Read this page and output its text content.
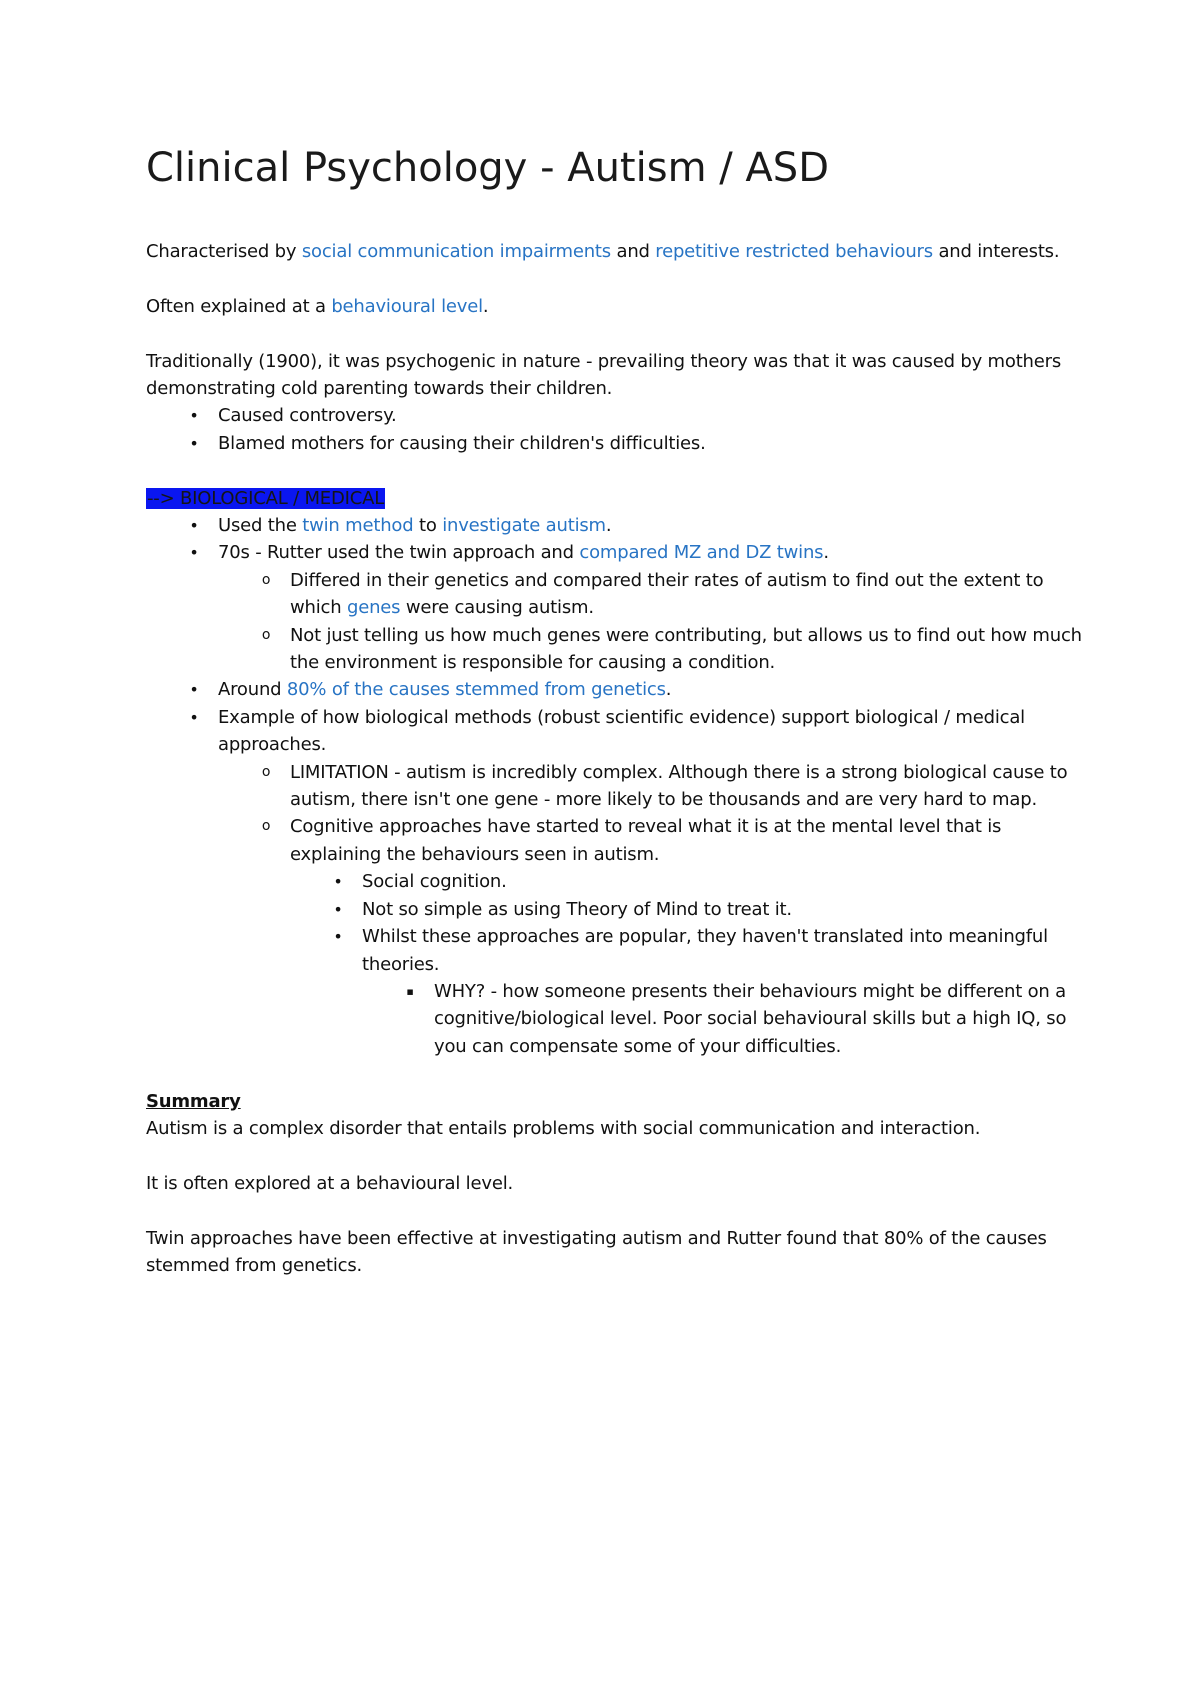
Clinical Psychology - Autism / ASD

Characterised by social communication impairments and repetitive restricted behaviours and interests.

Often explained at a behavioural level.

Traditionally (1900), it was psychogenic in nature - prevailing theory was that it was caused by mothers demonstrating cold parenting towards their children.

•	Caused controversy.
•	Blamed mothers for causing their children's difficulties.

--> BIOLOGICAL / MEDICAL

•	Used the twin method to investigate autism.
•	70s - Rutter used the twin approach and compared MZ and DZ twins.
o	Differed in their genetics and compared their rates of autism to find out the extent to which genes were causing autism.
o	Not just telling us how much genes were contributing, but allows us to find out how much the environment is responsible for causing a condition.
•	Around 80% of the causes stemmed from genetics.
•	Example of how biological methods (robust scientific evidence) support biological / medical approaches.
o	LIMITATION - autism is incredibly complex. Although there is a strong biological cause to autism, there isn't one gene - more likely to be thousands and are very hard to map.
o	Cognitive approaches have started to reveal what it is at the mental level that is explaining the behaviours seen in autism.
•	Social cognition.
•	Not so simple as using Theory of Mind to treat it.
•	Whilst these approaches are popular, they haven't translated into meaningful theories.
▪	WHY? - how someone presents their behaviours might be different on a cognitive/biological level. Poor social behavioural skills but a high IQ, so you can compensate some of your difficulties.

Summary

Autism is a complex disorder that entails problems with social communication and interaction.

It is often explored at a behavioural level.

Twin approaches have been effective at investigating autism and Rutter found that 80% of the causes stemmed from genetics.
